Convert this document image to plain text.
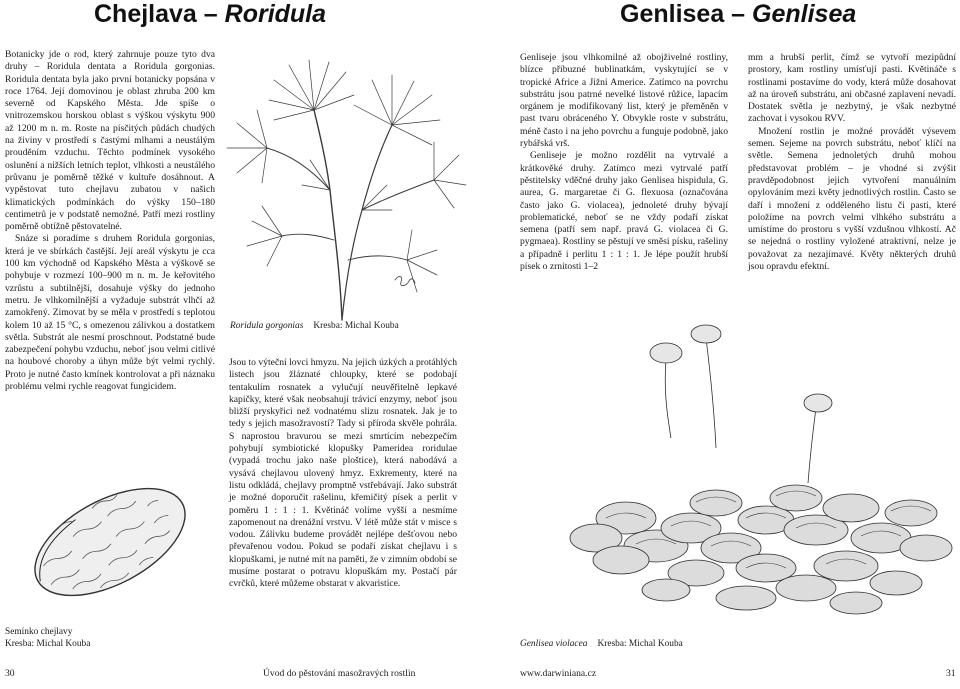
Chejlava – Roridula

Botanicky jde o rod, který zahrnuje pouze tyto dva druhy – Roridula dentata a Roridula gorgonias. Roridula dentata byla jako první botanicky popsána v roce 1764. Její domovinou je oblast zhruba 200 km severně od Kapského Města. Jde spíše o vnitrozemskou horskou oblast s výškou výskytu 900 až 1200 m n. m. Roste na písčitých půdách chudých na živiny v prostředí s častými mlhami a neustálým prouděním vzduchu. Těchto podmínek vysokého oslunění a nižších letních teplot, vlhkosti a neustálého průvanu je poměrně těžké v kultuře dosáhnout. A vypěstovat tuto chejlavu zubatou v našich klimatických podmínkách do výšky 150–180 centimetrů je v podstatě nemožné. Patří mezi rostliny poměrně obtížně pěstovatelné.

Snáze si poradíme s druhem Roridula gorgonias, která je ve sbírkách častější. Její areál výskytu je cca 100 km východně od Kapského Města a výškově se pohybuje v rozmezí 100–900 m n. m. Je keřovitého vzrůstu a subtilnější, dosahuje výšky do jednoho metru. Je vlhkomilnější a vyžaduje substrát vlhčí až zamokřený. Zimovat by se měla v prostředí s teplotou kolem 10 až 15 °C, s omezenou zálivkou a dostatkem světla. Substrát ale nesmí proschnout. Podstatné bude zabezpečení pohybu vzduchu, neboť jsou velmi citlivé na houbové choroby a úhyn může být velmi rychlý. Proto je nutné často kmínek kontrolovat a při náznaku problému velmi rychle reagovat fungicidem.

Roridula gorgonias Kresba: Michal Kouba

Jsou to výteční lovci hmyzu. Na jejich úzkých a protáhlých listech jsou žláznaté chloupky, které se podobají tentakulím rosnatek a vylučují neuvěřitelně lepkavé kapičky, které však neobsahují trávicí enzymy, neboť jsou bližší pryskyřici než vodnatému slizu rosnatek. Jak je to tedy s jejich masožravostí? Tady si příroda skvěle pohrála. S naprostou bravurou se mezi smrtícím nebezpečím pohybují symbiotické klopušky Pameridea roridulae (vypadá trochu jako naše ploštice), která nabodává a vysává chejlavou ulovený hmyz. Exkrementy, které na listu odkládá, chejlavy promptně vstřebávají. Jako substrát je možné doporučit rašelinu, křemičitý písek a perlit v poměru 1 : 1 : 1. Květináč volíme vyšší a nesmíme zapomenout na drenážní vrstvu. V létě může stát v misce s vodou. Zálivku budeme provádět nejlépe dešťovou nebo převařenou vodou. Pokud se podaří získat chejlavu i s klopuškami, je nutné mít na paměti, že v zimním období se musíme postarat o potravu klopuškám my. Postačí pár cvrčků, které můžeme obstarat v akvaristice.

Semínko chejlavy
Kresba: Michal Kouba
30	Úvod do pěstování masožravých rostlin
Genlisea – Genlisea

Genliseje jsou vlhkomilné až obojživelné rostliny, blízce příbuzné bublinatkám, vyskytující se v tropické Africe a Jižní Americe. Zatímco na povrchu substrátu jsou patrné nevelké listové růžice, lapacím orgánem je modifikovaný list, který je přeměněn v past tvaru obráceného Y. Obvykle roste v substrátu, méně často i na jeho povrchu a funguje podobně, jako rybářská vrš.

Genliseje je možno rozdělit na vytrvalé a krátkověké druhy. Zatímco mezi vytrvalé patří pěstitelsky vděčné druhy jako Genlisea hispidula, G. aurea, G. margaretae či G. flexuosa (označována často jako G. violacea), jednoleté druhy bývají problematické, neboť se ne vždy podaří získat semena (patří sem např. pravá G. violacea či G. pygmaea). Rostliny se pěstují ve směsi písku, rašeliny a případně i perlitu 1 : 1 : 1. Je lépe použít hrubší písek o zrnitosti 1–2

mm a hrubší perlit, čímž se vytvoří mezipůdní prostory, kam rostliny umísťují pasti. Květináče s rostlinami postavíme do vody, která může dosahovat až na úroveň substrátu, ani občasné zaplavení nevadí. Dostatek světla je nezbytný, je však nezbytné zachovat i vysokou RVV.

Množení rostlin je možné provádět výsevem semen. Sejeme na povrch substrátu, neboť klíčí na světle. Semena jednoletých druhů mohou představovat problém – je vhodné si zvýšit pravděpodobnost jejich vytvoření manuálním opylováním mezi květy jednotlivých rostlin. Často se daří i množení z odděleného listu či pasti, které položíme na povrch velmi vlhkého substrátu a umístíme do prostoru s vyšší vzdušnou vlhkostí. Ač se nejedná o rostliny vyložené atraktivní, nelze je považovat za nezajímavé. Květy některých druhů jsou opravdu efektní.

Genlisea violacea Kresba: Michal Kouba
www.darwiniana.cz	31
